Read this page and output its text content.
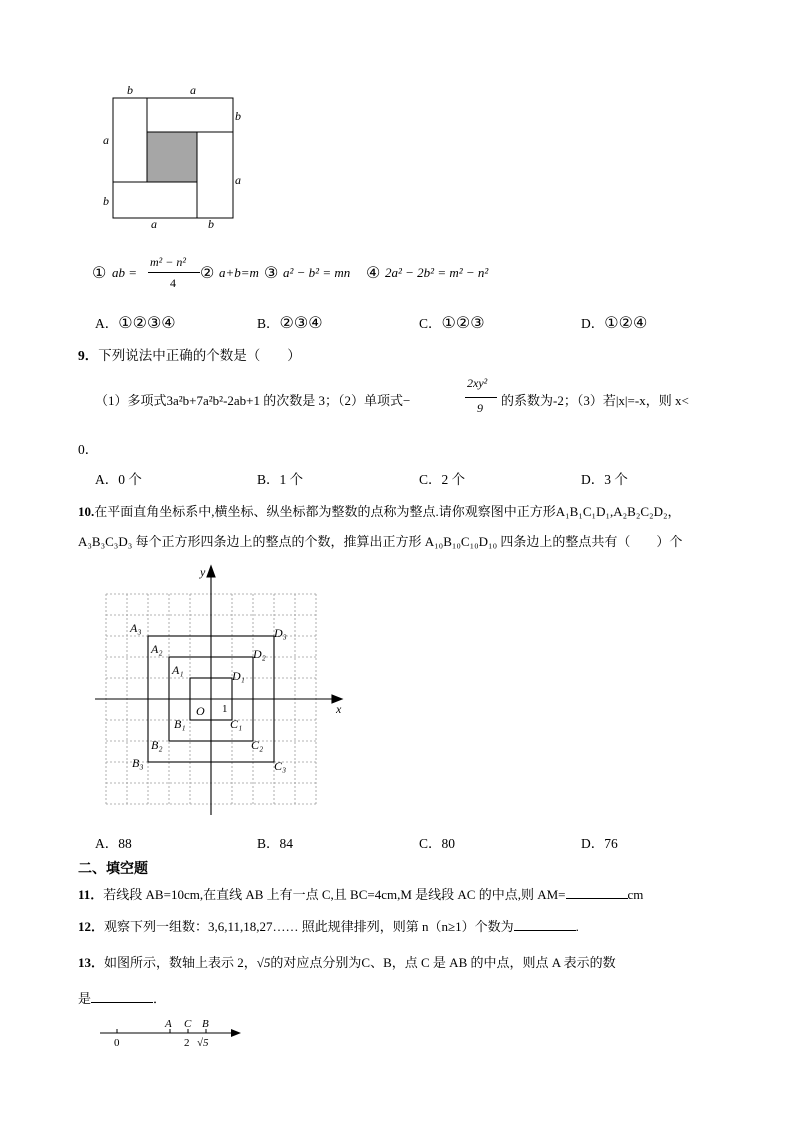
b	a
b
a
a
b
a	b
① ab =
m² − n²
4
② a+b=m ③ a² − b² = mn ④ 2a² − 2b² = m² − n²
A．①②③④	B．②③④	C．①②③	D．①②④
9．下列说法中正确的个数是（　　）
（1）多项式3a²b+7a²b²-2ab+1 的次数是 3；（2）单项式−
2xy²
9 的系数为-2；（3）若|x|=-x，则 x<
0．
A．0 个	B．1 个	C．2 个	D．3 个
10.在平面直角坐标系中,横坐标、纵坐标都为整数的点称为整点.请你观察图中正方形A₁B₁C₁D₁,A₂B₂C₂D₂，
A₃B₃C₃D₃ 每个正方形四条边上的整点的个数，推算出正方形 A₁₀B₁₀C₁₀D₁₀ 四条边上的整点共有（　　）个
y
x
O
A₃
A₂
A₁
D₃
D₂
D₁
B₁	C₁
B₂	C₂
B₃	C₃
1
A．88	B．84	C．80	D．76
二、填空题
11．若线段 AB=10cm,在直线 AB 上有一点 C,且 BC=4cm,M 是线段 AC 的中点,则 AM=	cm
12．观察下列一组数：3,6,11,18,27…… 照此规律排列，则第 n（n≥1）个数为	.
13．如图所示，数轴上表示 2，√5的对应点分别为C、B，点 C 是 AB 的中点，则点 A 表示的数
是	．
A C B
√5
0	2
